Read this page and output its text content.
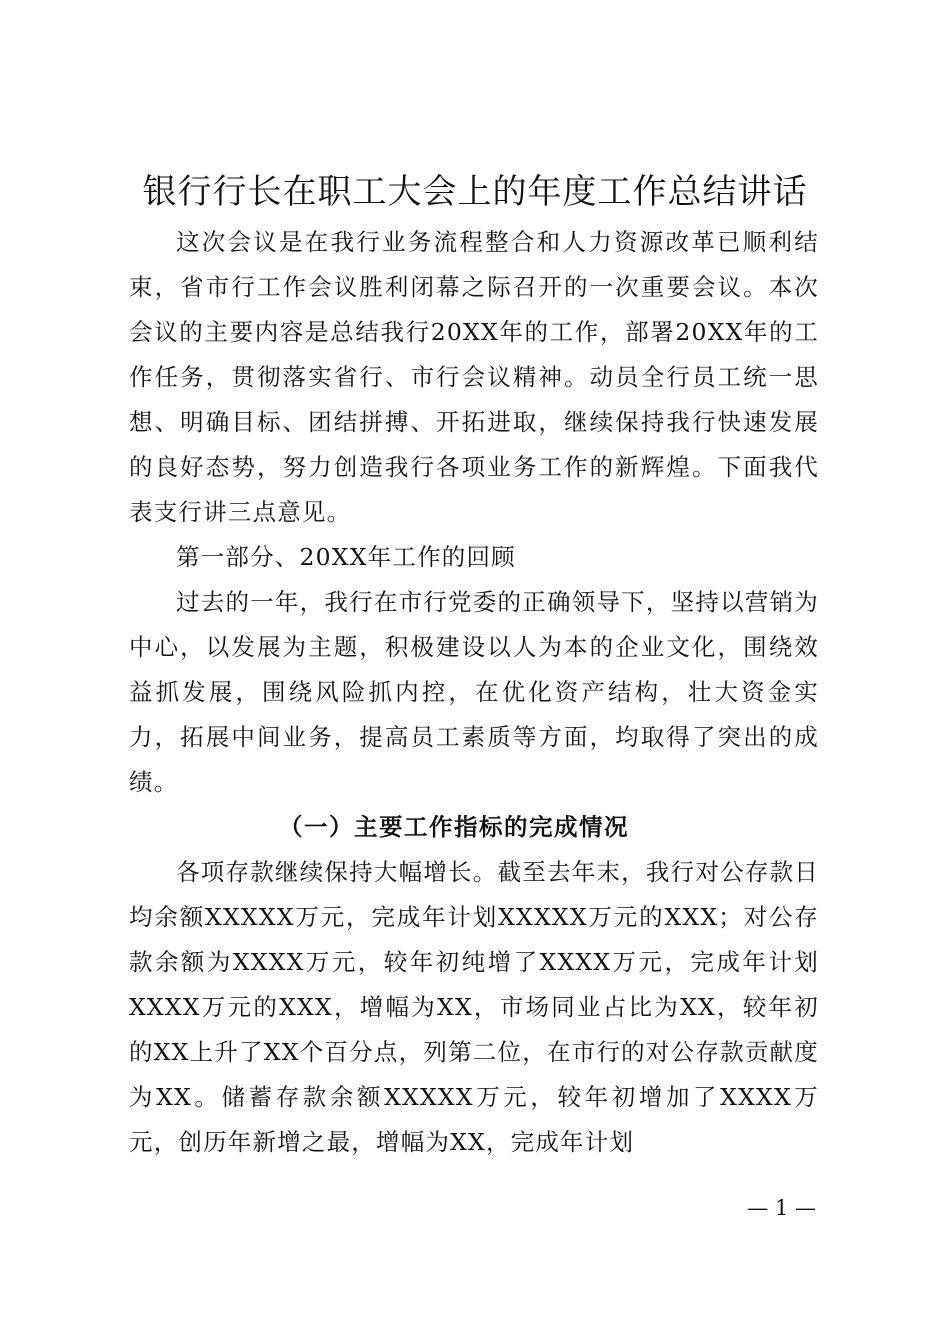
银行行长在职工大会上的年度工作总结讲话

这次会议是在我行业务流程整合和人力资源改革已顺利结束，省市行工作会议胜利闭幕之际召开的一次重要会议。本次会议的主要内容是总结我行20XX年的工作，部署20XX年的工作任务，贯彻落实省行、市行会议精神。动员全行员工统一思想、明确目标、团结拼搏、开拓进取，继续保持我行快速发展的良好态势，努力创造我行各项业务工作的新辉煌。下面我代表支行讲三点意见。

第一部分、20XX年工作的回顾

过去的一年，我行在市行党委的正确领导下，坚持以营销为中心，以发展为主题，积极建设以人为本的企业文化，围绕效益抓发展，围绕风险抓内控，在优化资产结构，壮大资金实力，拓展中间业务，提高员工素质等方面，均取得了突出的成绩。

（一）主要工作指标的完成情况

各项存款继续保持大幅增长。截至去年末，我行对公存款日均余额XXXXX万元，完成年计划XXXXX万元的XXX；对公存款余额为XXXX万元，较年初纯增了XXXX万元，完成年计划XXXX万元的XXX，增幅为XX，市场同业占比为XX，较年初的XX上升了XX个百分点，列第二位，在市行的对公存款贡献度为XX。储蓄存款余额XXXXX万元，较年初增加了XXXX万元，创历年新增之最，增幅为XX，完成年计划

— 1 —
